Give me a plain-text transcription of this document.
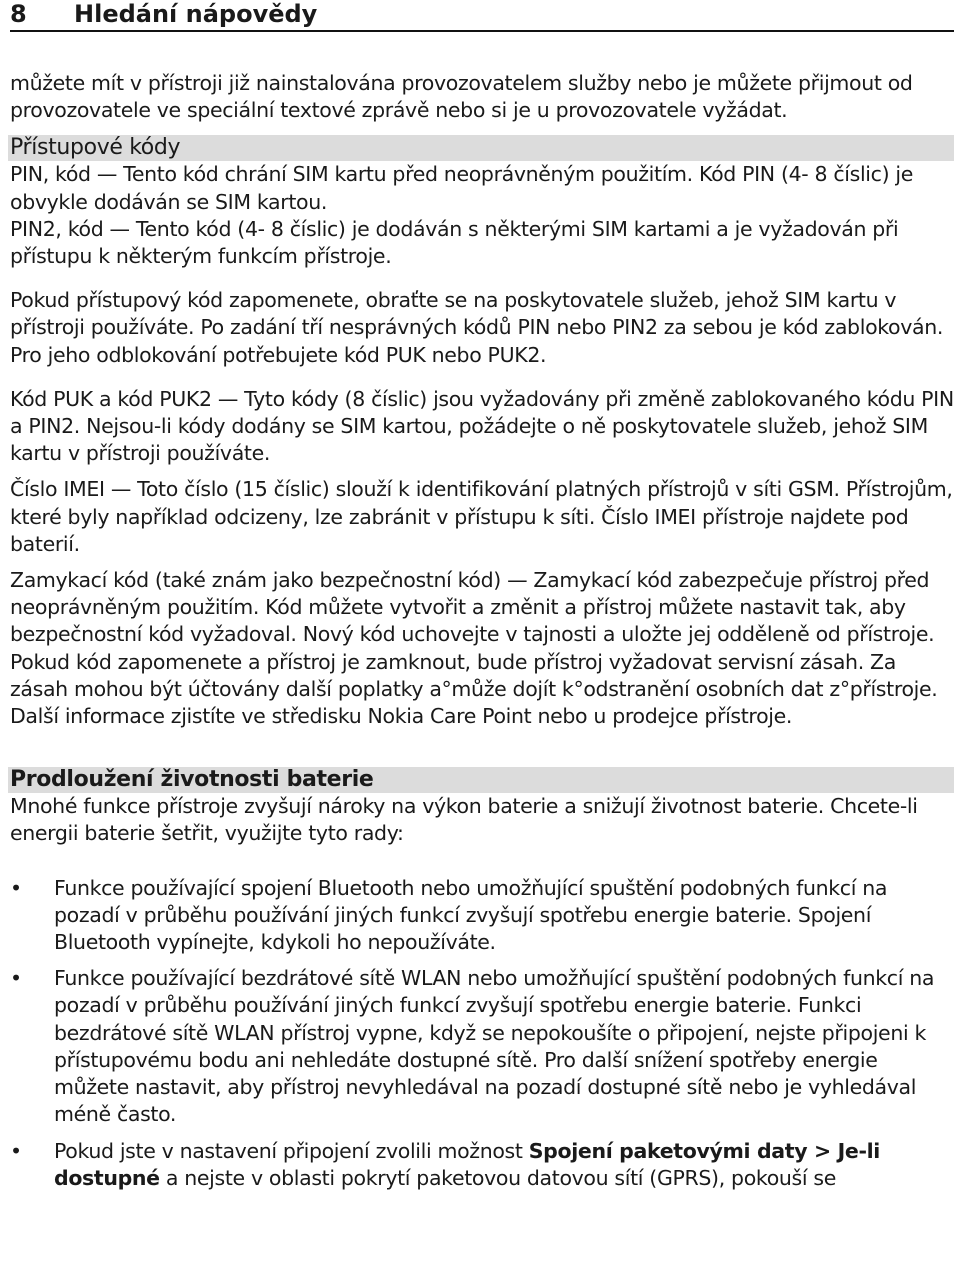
8 Hledání nápovědy

můžete mít v přístroji již nainstalována provozovatelem služby nebo je můžete přijmout od provozovatele ve speciální textové zprávě nebo si je u provozovatele vyžádat.

Přístupové kódy

PIN, kód — Tento kód chrání SIM kartu před neoprávněným použitím. Kód PIN (4- 8 číslic) je obvykle dodáván se SIM kartou.

PIN2, kód — Tento kód (4- 8 číslic) je dodáván s některými SIM kartami a je vyžadován při přístupu k některým funkcím přístroje.

Pokud přístupový kód zapomenete, obraťte se na poskytovatele služeb, jehož SIM kartu v přístroji používáte. Po zadání tří nesprávných kódů PIN nebo PIN2 za sebou je kód zablokován. Pro jeho odblokování potřebujete kód PUK nebo PUK2.

Kód PUK a kód PUK2 — Tyto kódy (8 číslic) jsou vyžadovány při změně zablokovaného kódu PIN a PIN2. Nejsou-li kódy dodány se SIM kartou, požádejte o ně poskytovatele služeb, jehož SIM kartu v přístroji používáte.

Číslo IMEI — Toto číslo (15 číslic) slouží k identifikování platných přístrojů v síti GSM. Přístrojům, které byly například odcizeny, lze zabránit v přístupu k síti. Číslo IMEI přístroje najdete pod baterií.

Zamykací kód (také znám jako bezpečnostní kód) — Zamykací kód zabezpečuje přístroj před neoprávněným použitím. Kód můžete vytvořit a změnit a přístroj můžete nastavit tak, aby bezpečnostní kód vyžadoval. Nový kód uchovejte v tajnosti a uložte jej odděleně od přístroje. Pokud kód zapomenete a přístroj je zamknout, bude přístroj vyžadovat servisní zásah. Za zásah mohou být účtovány další poplatky a°může dojít k°odstranění osobních dat z°přístroje. Další informace zjistíte ve středisku Nokia Care Point nebo u prodejce přístroje.

Prodloužení životnosti baterie

Mnohé funkce přístroje zvyšují nároky na výkon baterie a snižují životnost baterie. Chcete-li energii baterie šetřit, využijte tyto rady:

• Funkce používající spojení Bluetooth nebo umožňující spuštění podobných funkcí na pozadí v průběhu používání jiných funkcí zvyšují spotřebu energie baterie. Spojení Bluetooth vypínejte, kdykoli ho nepoužíváte.
• Funkce používající bezdrátové sítě WLAN nebo umožňující spuštění podobných funkcí na pozadí v průběhu používání jiných funkcí zvyšují spotřebu energie baterie. Funkci bezdrátové sítě WLAN přístroj vypne, když se nepokoušíte o připojení, nejste připojeni k přístupovému bodu ani nehledáte dostupné sítě. Pro další snížení spotřeby energie můžete nastavit, aby přístroj nevyhledával na pozadí dostupné sítě nebo je vyhledával méně často.
• Pokud jste v nastavení připojení zvolili možnost Spojení paketovými daty > Je-li dostupné a nejste v oblasti pokrytí paketovou datovou sítí (GPRS), pokouší se
